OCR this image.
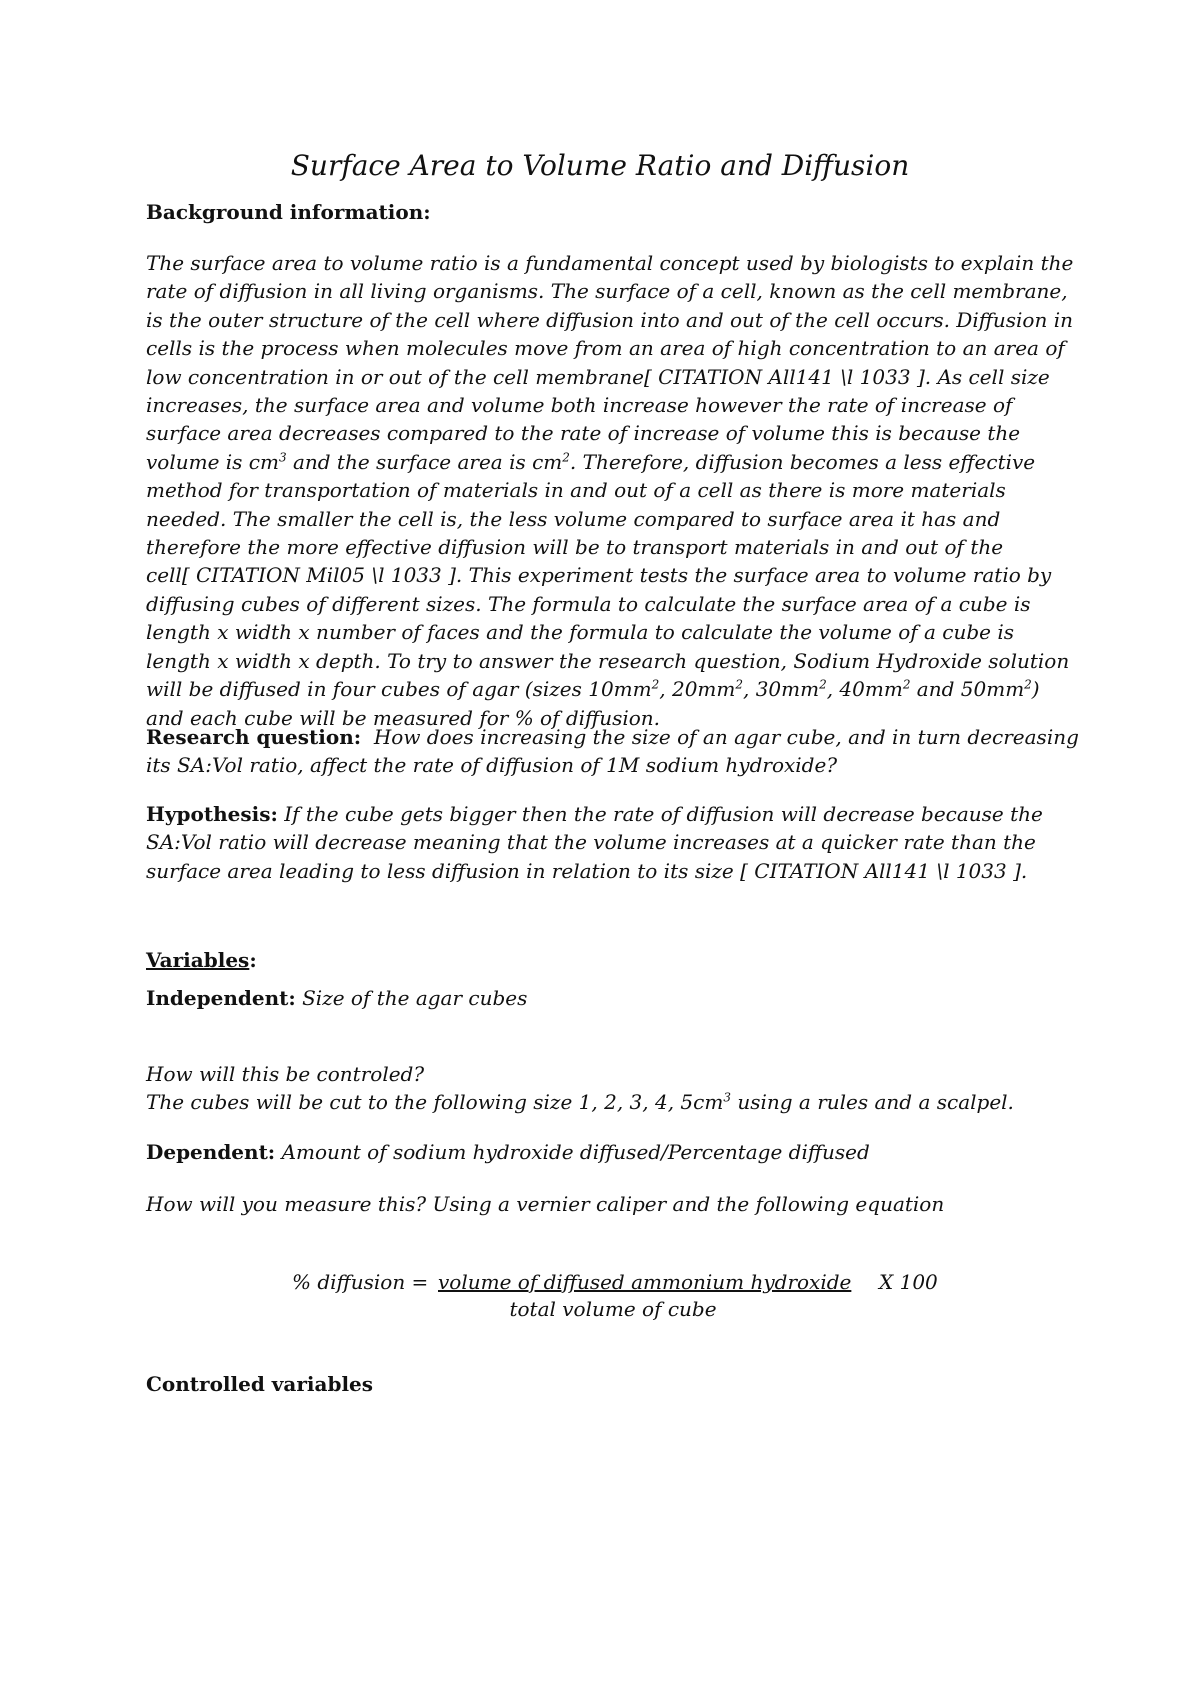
Surface Area to Volume Ratio and Diffusion
Background information:
The surface area to volume ratio is a fundamental concept used by biologists to explain the
rate of diffusion in all living organisms. The surface of a cell, known as the cell membrane,
is the outer structure of the cell where diffusion into and out of the cell occurs. Diffusion in
cells is the process when molecules move from an area of high concentration to an area of
low concentration in or out of the cell membrane[ CITATION All141 \l 1033 ]. As cell size
increases, the surface area and volume both increase however the rate of increase of
surface area decreases compared to the rate of increase of volume this is because the
volume is $cm^3$ and the surface area is $cm^2$. Therefore, diffusion becomes a less effective
method for transportation of materials in and out of a cell as there is more materials
needed. The smaller the cell is, the less volume compared to surface area it has and
therefore the more effective diffusion will be to transport materials in and out of the
cell[ CITATION Mil05 \l 1033 ]. This experiment tests the surface area to volume ratio by
diffusing cubes of different sizes. The formula to calculate the surface area of a cube is
length x width x number of faces and the formula to calculate the volume of a cube is
length x width x depth. To try to answer the research question, Sodium Hydroxide solution
will be diffused in four cubes of agar (sizes $10mm^2$, $20mm^2$, $30mm^2$, $40mm^2$ and $50mm^2$)
and each cube will be measured for % of diffusion.
Research question: How does increasing the size of an agar cube, and in turn decreasing
its SA:Vol ratio, affect the rate of diffusion of 1M sodium hydroxide?
Hypothesis: If the cube gets bigger then the rate of diffusion will decrease because the
SA:Vol ratio will decrease meaning that the volume increases at a quicker rate than the
surface area leading to less diffusion in relation to its size [ CITATION All141 \l 1033 ].
Variables:
Independent: Size of the agar cubes
How will this be controled?
The cubes will be cut to the following size 1, 2, 3, 4, $5cm^3$ using a rules and a scalpel.
Dependent: Amount of sodium hydroxide diffused/Percentage diffused
How will you measure this? Using a vernier caliper and the following equation
% diffusion = volume of diffused ammonium hydroxide X 100
total volume of cube
Controlled variables
